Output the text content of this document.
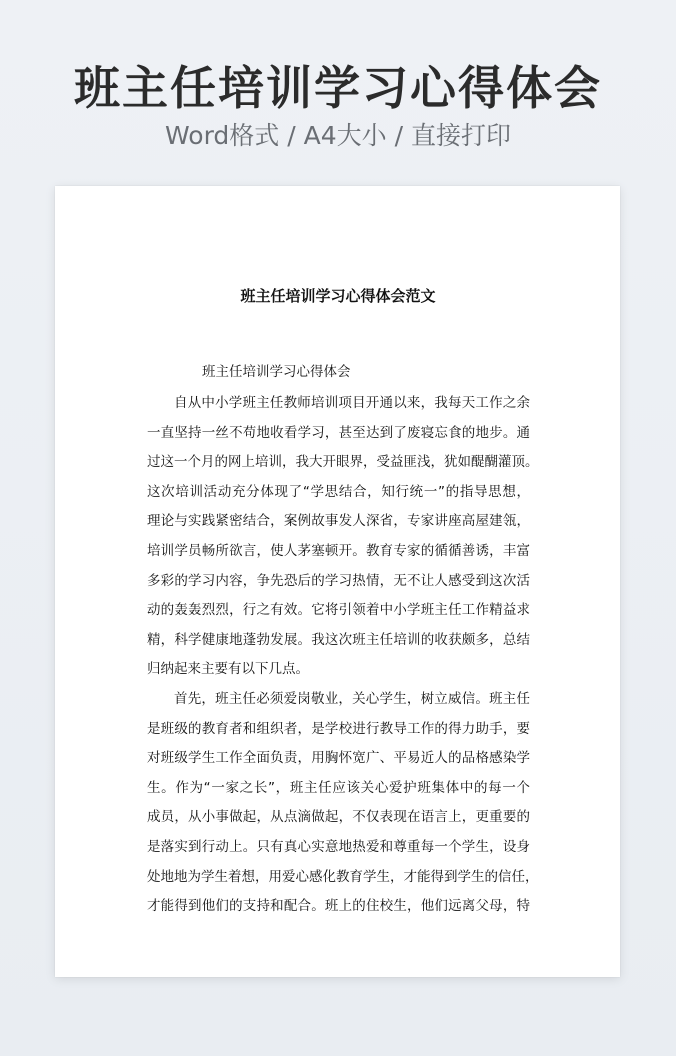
班主任培训学习心得体会
Word格式 / A4大小 / 直接打印
班主任培训学习心得体会范文
班主任培训学习心得体会

自从中小学班主任教师培训项目开通以来，我每天工作之余
一直坚持一丝不苟地收看学习，甚至达到了废寝忘食的地步。通
过这一个月的网上培训，我大开眼界，受益匪浅，犹如醍醐灌顶。
这次培训活动充分体现了“学思结合，知行统一”的指导思想，
理论与实践紧密结合，案例故事发人深省，专家讲座高屋建瓴，
培训学员畅所欲言，使人茅塞顿开。教育专家的循循善诱，丰富
多彩的学习内容，争先恐后的学习热情，无不让人感受到这次活
动的轰轰烈烈，行之有效。它将引领着中小学班主任工作精益求
精，科学健康地蓬勃发展。我这次班主任培训的收获颇多，总结
归纳起来主要有以下几点。

首先，班主任必须爱岗敬业，关心学生，树立威信。班主任
是班级的教育者和组织者，是学校进行教导工作的得力助手，要
对班级学生工作全面负责，用胸怀宽广、平易近人的品格感染学
生。作为“一家之长”，班主任应该关心爱护班集体中的每一个
成员，从小事做起，从点滴做起，不仅表现在语言上，更重要的
是落实到行动上。只有真心实意地热爱和尊重每一个学生，设身
处地地为学生着想，用爱心感化教育学生，才能得到学生的信任，
才能得到他们的支持和配合。班上的住校生，他们远离父母，特
